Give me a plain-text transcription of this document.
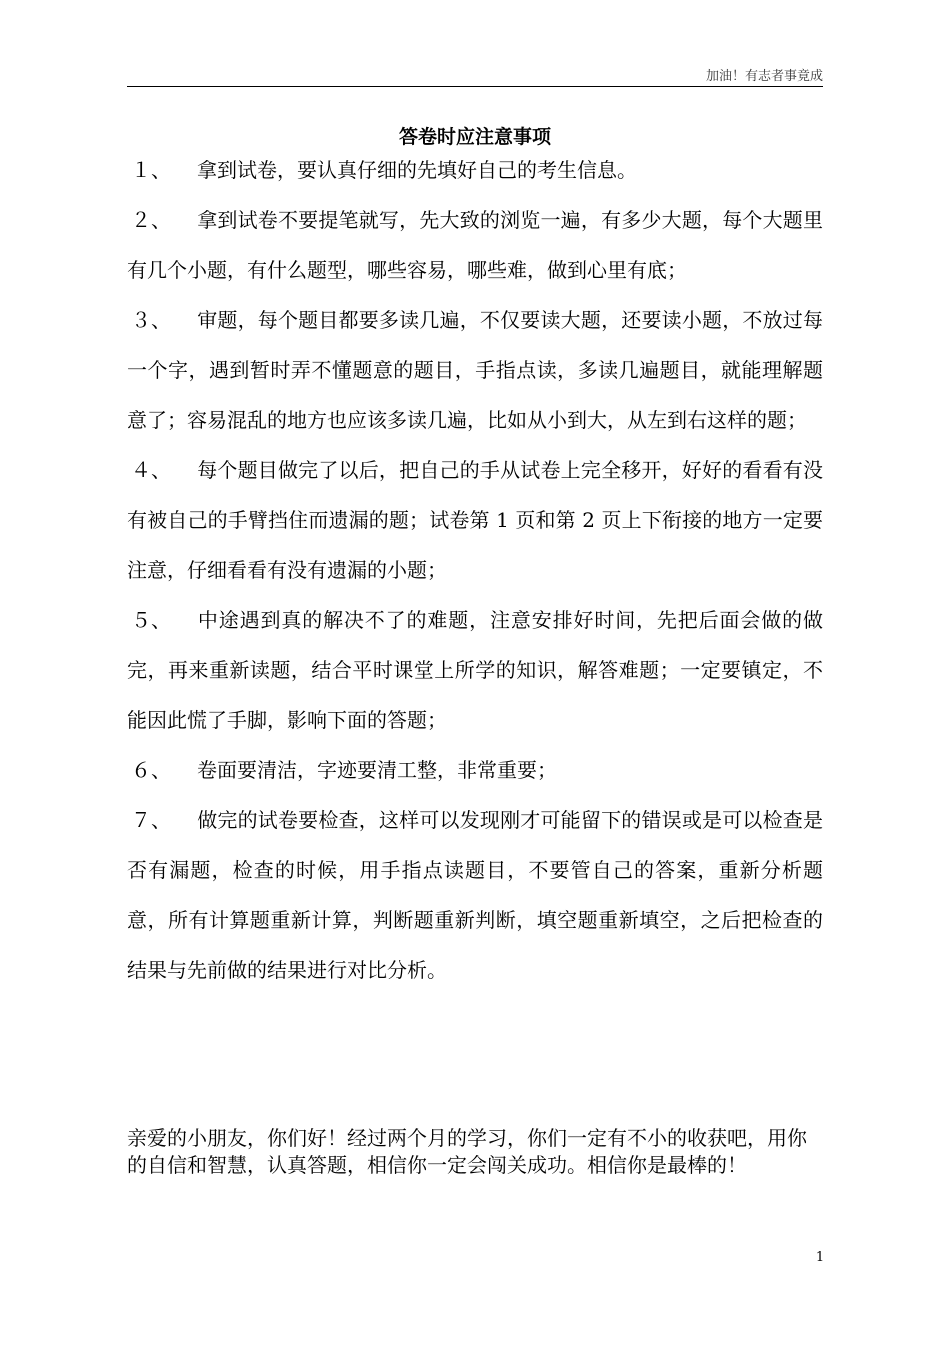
加油！有志者事竟成
答卷时应注意事项

１、 拿到试卷，要认真仔细的先填好自己的考生信息。

２、 拿到试卷不要提笔就写，先大致的浏览一遍，有多少大题，每个大题里有几个小题，有什么题型，哪些容易，哪些难，做到心里有底；

３、 审题，每个题目都要多读几遍，不仅要读大题，还要读小题，不放过每一个字，遇到暂时弄不懂题意的题目，手指点读，多读几遍题目，就能理解题意了；容易混乱的地方也应该多读几遍，比如从小到大，从左到右这样的题；

４、 每个题目做完了以后，把自己的手从试卷上完全移开，好好的看看有没有被自己的手臂挡住而遗漏的题；试卷第 1 页和第 2 页上下衔接的地方一定要注意，仔细看看有没有遗漏的小题；

５、 中途遇到真的解决不了的难题，注意安排好时间，先把后面会做的做完，再来重新读题，结合平时课堂上所学的知识，解答难题；一定要镇定，不能因此慌了手脚，影响下面的答题；

６、 卷面要清洁，字迹要清工整，非常重要；

７、 做完的试卷要检查，这样可以发现刚才可能留下的错误或是可以检查是否有漏题，检查的时候，用手指点读题目，不要管自己的答案，重新分析题意，所有计算题重新计算，判断题重新判断，填空题重新填空，之后把检查的结果与先前做的结果进行对比分析。

亲爱的小朋友，你们好！经过两个月的学习，你们一定有不小的收获吧，用你的自信和智慧，认真答题，相信你一定会闯关成功。相信你是最棒的！

1
